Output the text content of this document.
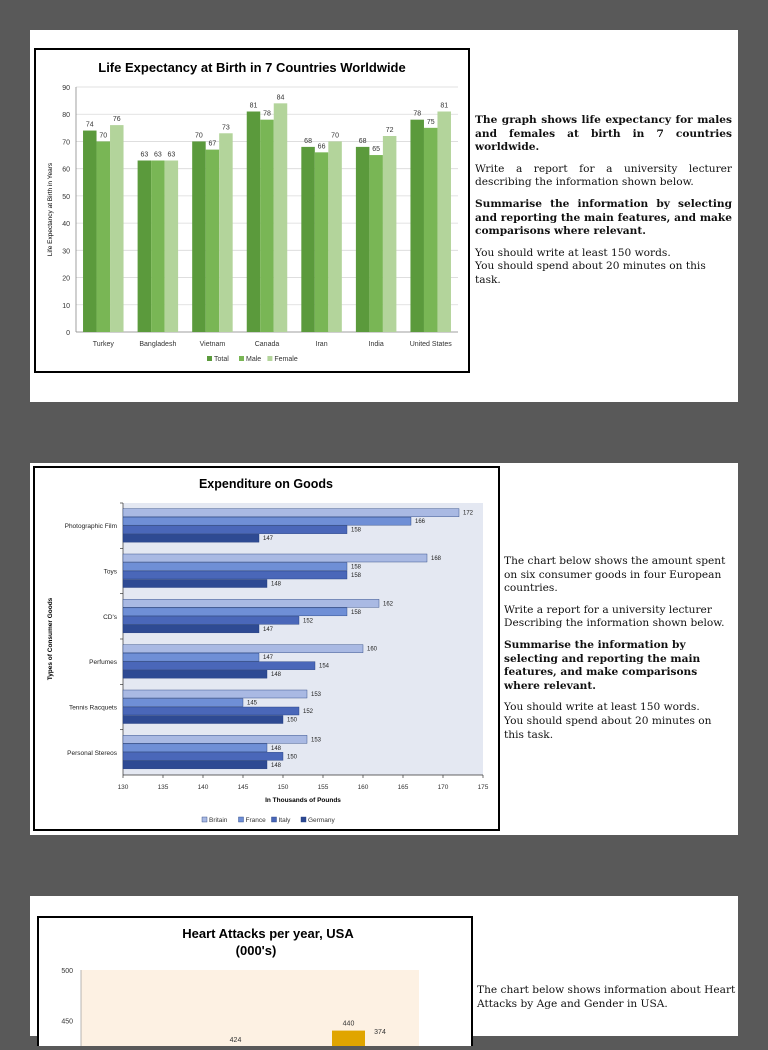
Life Expectancy at Birth in 7 Countries Worldwide
0
10
20
30
40
50
60
70
80
90
Life Expectancy at Birth in Years
74
70
76
Turkey
63 63 63
Bangladesh
70
67
73
Vietnam
81
78
84
Canada
68
66
70
Iran
68
65
72
India
78
75
81
United States
Total Male Female

The graph shows life expectancy for males and females at birth in 7 countries worldwide.

Write a report for a university lecturer describing the information shown below.

Summarise the information by selecting and reporting the main features, and make comparisons where relevant.

You should write at least 150 words.
You should spend about 20 minutes on this task.

Expenditure on Goods
130	135	140	145	150	155	160	165	170	175
In Thousands of Pounds
Types of Consumer Goods
172
166
158
147
Photographic Film
168
158
158
148
Toys
162
158
152
147
CD's
160
147
154
148
Perfumes
153
145
152
150
Tennis Racquets
153
148
150
148
Personal Stereos
Britain	France Italy	Germany

The chart below shows the amount spent on six consumer goods in four European countries.

Write a report for a university lecturer Describing the information shown below.

Summarise the information by selecting and reporting the main features, and make comparisons where relevant.

You should write at least 150 words.
You should spend about 20 minutes on this task.

Heart Attacks per year, USA
(000's)
450
500
424
440
374

The chart below shows information about Heart Attacks by Age and Gender in USA.
